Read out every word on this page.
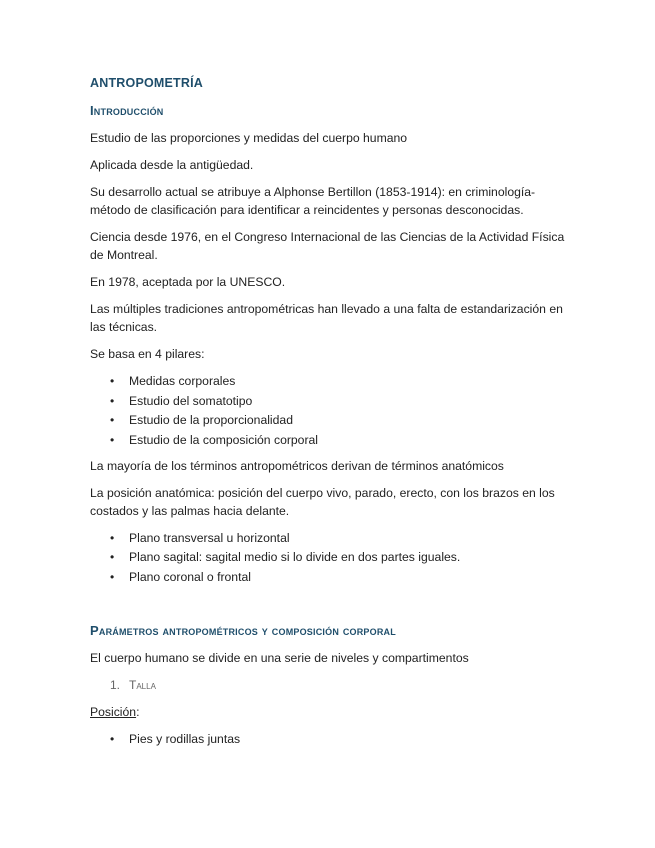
ANTROPOMETRÍA
Introducción

Estudio de las proporciones y medidas del cuerpo humano

Aplicada desde la antigüedad.

Su desarrollo actual se atribuye a Alphonse Bertillon (1853-1914): en criminología- método de clasificación para identificar a reincidentes y personas desconocidas.

Ciencia desde 1976, en el Congreso Internacional de las Ciencias de la Actividad Física de Montreal.

En 1978, aceptada por la UNESCO.

Las múltiples tradiciones antropométricas han llevado a una falta de estandarización en las técnicas.

Se basa en 4 pilares:

• Medidas corporales
• Estudio del somatotipo
• Estudio de la proporcionalidad
• Estudio de la composición corporal

La mayoría de los términos antropométricos derivan de términos anatómicos

La posición anatómica: posición del cuerpo vivo, parado, erecto, con los brazos en los costados y las palmas hacia delante.

• Plano transversal u horizontal
• Plano sagital: sagital medio si lo divide en dos partes iguales.
• Plano coronal o frontal
Parámetros antropométricos y composición corporal

El cuerpo humano se divide en una serie de niveles y compartimentos

1. Talla

Posición:

• Pies y rodillas juntas
